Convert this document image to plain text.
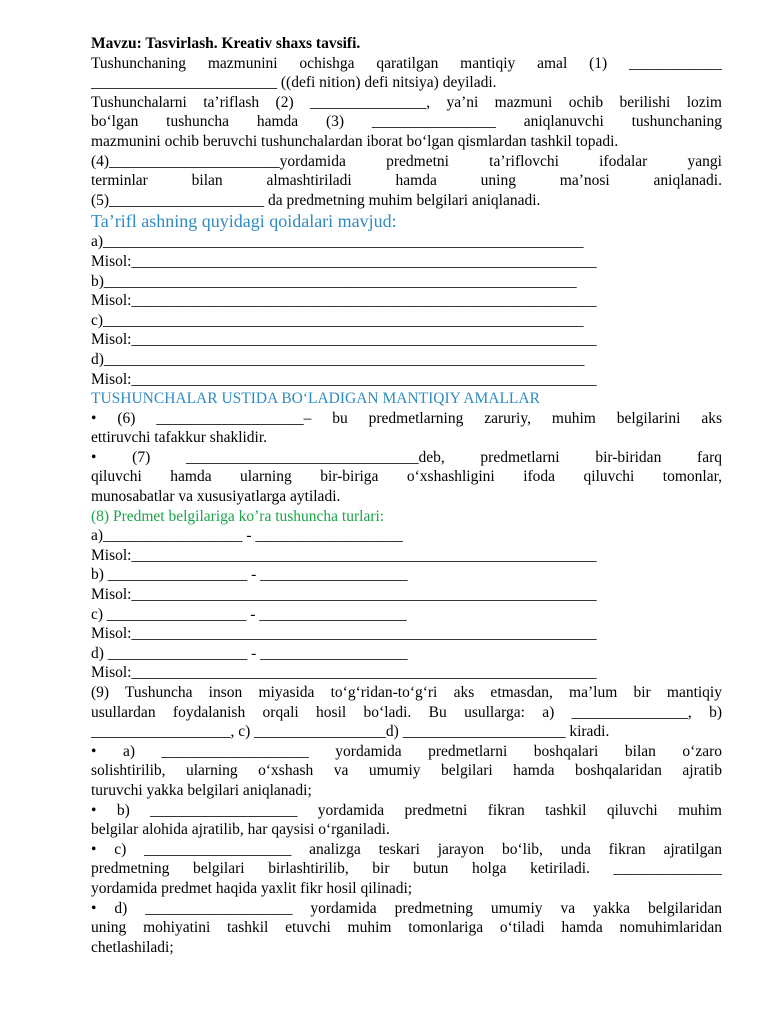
Mavzu: Tasvirlash. Kreativ shaxs tavsifi.
Tushunchaning mazmunini ochishga qaratilgan mantiqiy amal (1) ____________
________________________ ((defi nition) defi nitsiya) deyiladi.
Tushunchalarni ta’riflash (2) _______________, ya’ni mazmuni ochib berilishi lozim
bo‘lgan tushuncha hamda (3) ________________ aniqlanuvchi tushunchaning
mazmunini ochib beruvchi tushunchalardan iborat bo‘lgan qismlardan tashkil topadi.
(4)______________________yordamida predmetni ta’riflovchi ifodalar yangi
terminlar bilan almashtiriladi hamda uning ma’nosi aniqlanadi.
(5)____________________ da predmetning muhim belgilari aniqlanadi.
Ta’rifl ashning quyidagi qoidalari mavjud:
a)______________________________________________________________
Misol:____________________________________________________________
b)_____________________________________________________________
Misol:____________________________________________________________
c)______________________________________________________________
Misol:____________________________________________________________
d)______________________________________________________________
Misol:____________________________________________________________
TUSHUNCHALAR USTIDA BO‘LADIGAN MANTIQIY AMALLAR
• (6) ___________________– bu predmetlarning zaruriy, muhim belgilarini aks
ettiruvchi tafakkur shaklidir.
• (7) ______________________________deb, predmetlarni bir-biridan farq
qiluvchi hamda ularning bir-biriga o‘xshashligini ifoda qiluvchi tomonlar,
munosabatlar va xususiyatlarga aytiladi.
(8) Predmet belgilariga ko’ra tushuncha turlari:
a)__________________ - ___________________
Misol:____________________________________________________________
b) __________________ - ___________________
Misol:____________________________________________________________
c) __________________ - ___________________
Misol:____________________________________________________________
d) __________________ - ___________________
Misol:____________________________________________________________
(9) Tushuncha inson miyasida to‘g‘ridan-to‘g‘ri aks etmasdan, ma’lum bir mantiqiy
usullardan foydalanish orqali hosil bo‘ladi. Bu usullarga: a) _______________, b)
__________________, c) _________________d) _____________________ kiradi.
• a) ___________________ yordamida predmetlarni boshqalari bilan o‘zaro
solishtirilib, ularning o‘xshash va umumiy belgilari hamda boshqalaridan ajratib
turuvchi yakka belgilari aniqlanadi;
• b) ___________________ yordamida predmetni fikran tashkil qiluvchi muhim
belgilar alohida ajratilib, har qaysisi o‘rganiladi.
• c) ___________________ analizga teskari jarayon bo‘lib, unda fikran ajratilgan
predmetning belgilari birlashtirilib, bir butun holga ketiriladi. ______________
yordamida predmet haqida yaxlit fikr hosil qilinadi;
• d) ___________________ yordamida predmetning umumiy va yakka belgilaridan
uning mohiyatini tashkil etuvchi muhim tomonlariga o‘tiladi hamda nomuhimlaridan
chetlashiladi;
